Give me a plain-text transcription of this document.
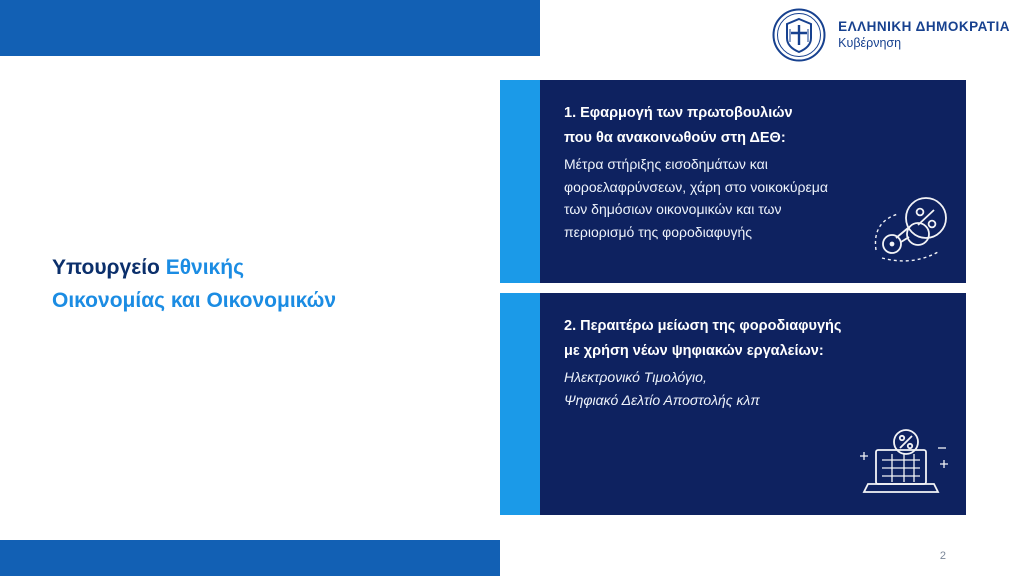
ΕΛΛΗΝΙΚΗ ΔΗΜΟΚΡΑΤΙΑ
Κυβέρνηση
Υπουργείο Εθνικής
Οικονομίας και Οικονομικών
1. Εφαρμογή των πρωτοβουλιών
που θα ανακοινωθούν στη ΔΕΘ:
Μέτρα στήριξης εισοδημάτων και
φοροελαφρύνσεων, χάρη στο νοικοκύρεμα
των δημόσιων οικονομικών και των
περιορισμό της φοροδιαφυγής
2. Περαιτέρω μείωση της φοροδιαφυγής
με χρήση νέων ψηφιακών εργαλείων:
Ηλεκτρονικό Τιμολόγιο,
Ψηφιακό Δελτίο Αποστολής κλπ
2
